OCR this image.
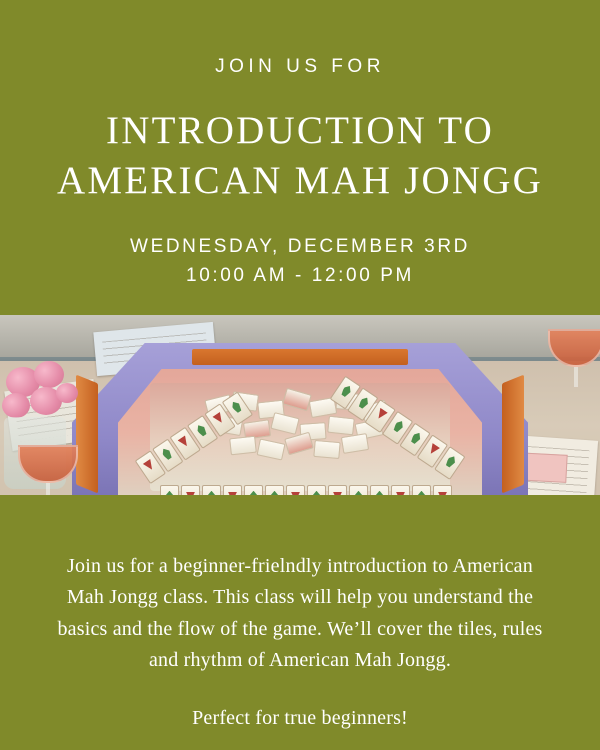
JOIN US FOR
INTRODUCTION TO
AMERICAN MAH JONGG
WEDNESDAY, DECEMBER 3RD
10:00 AM - 12:00 PM

Join us for a beginner-frielndly introduction to American Mah Jongg class. This class will help you understand the basics and the flow of the game. We’ll cover the tiles, rules and rhythm of American Mah Jongg.

Perfect for true beginners!
